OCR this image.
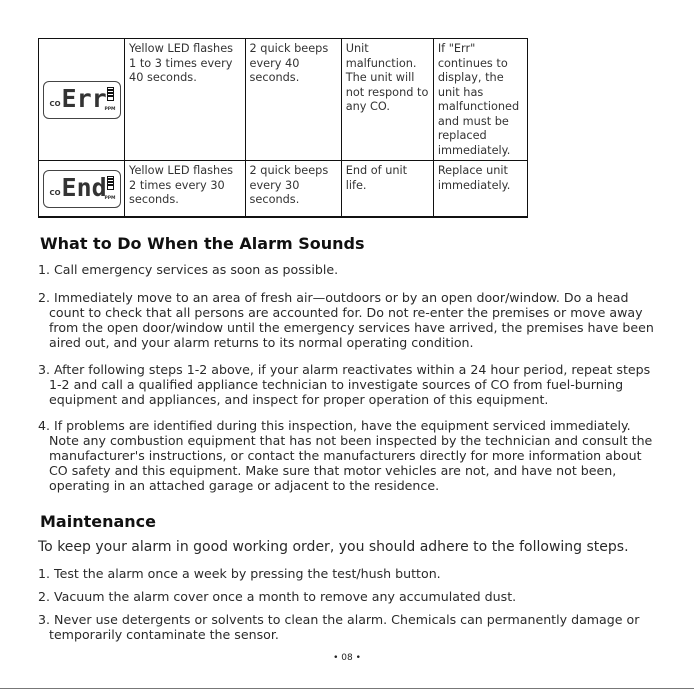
CO Err
PPM	Yellow LED flashes 1 to 3 times every 40 seconds.	2 quick beeps every 40 seconds.	Unit malfunction. The unit will not respond to any CO.	If "Err" continues to display, the unit has malfunctioned and must be replaced immediately.

CO End
PPM	Yellow LED flashes 2 times every 30 seconds.	2 quick beeps every 30 seconds.	End of unit life.	Replace unit immediately.
What to Do When the Alarm Sounds

1. Call emergency services as soon as possible.

2. Immediately move to an area of fresh air—outdoors or by an open door/window. Do a head count to check that all persons are accounted for. Do not re-enter the premises or move away from the open door/window until the emergency services have arrived, the premises have been aired out, and your alarm returns to its normal operating condition.

3. After following steps 1-2 above, if your alarm reactivates within a 24 hour period, repeat steps 1-2 and call a qualified appliance technician to investigate sources of CO from fuel-burning equipment and appliances, and inspect for proper operation of this equipment.

4. If problems are identified during this inspection, have the equipment serviced immediately. Note any combustion equipment that has not been inspected by the technician and consult the manufacturer's instructions, or contact the manufacturers directly for more information about CO safety and this equipment. Make sure that motor vehicles are not, and have not been, operating in an attached garage or adjacent to the residence.

Maintenance

To keep your alarm in good working order, you should adhere to the following steps.

1. Test the alarm once a week by pressing the test/hush button.

2. Vacuum the alarm cover once a month to remove any accumulated dust.

3. Never use detergents or solvents to clean the alarm. Chemicals can permanently damage or temporarily contaminate the sensor.

• 08 •
